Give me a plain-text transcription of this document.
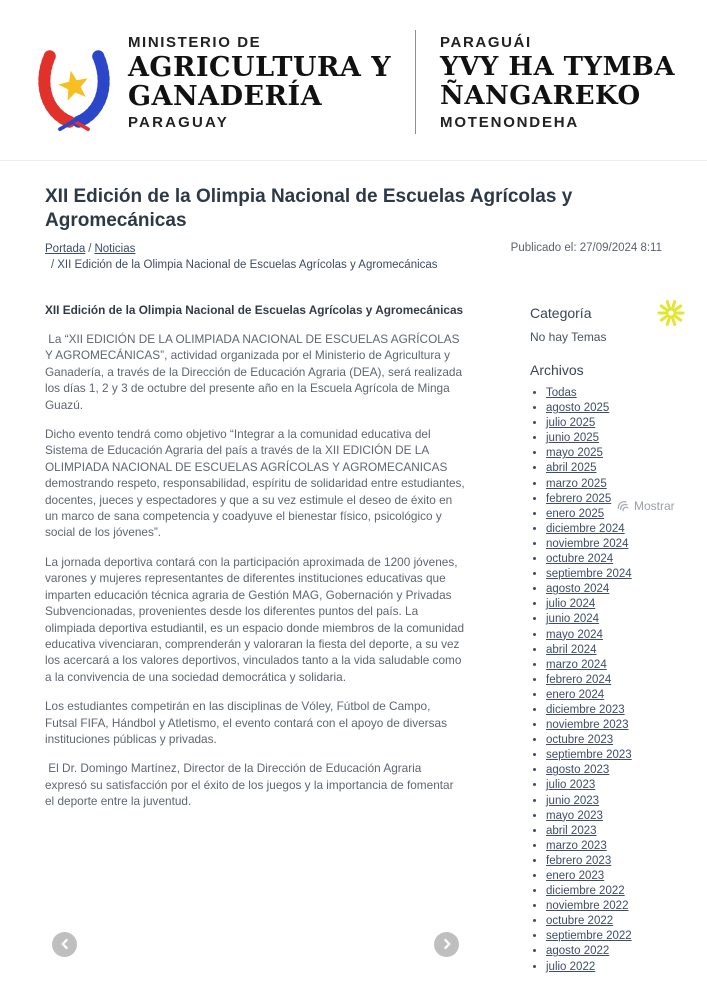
MINISTERIO DE
AGRICULTURA Y
GANADERÍA
PARAGUAY
PARAGUÁI
YVY HA TYMBA
ÑANGAREKO
MOTENONDEHA
XII Edición de la Olimpia Nacional de Escuelas Agrícolas y Agromecánicas
Portada / Noticias
/ XII Edición de la Olimpia Nacional de Escuelas Agrícolas y Agromecánicas
Publicado el: 27/09/2024 8:11
XII Edición de la Olimpia Nacional de Escuelas Agrícolas y Agromecánicas

La “XII EDICIÓN DE LA OLIMPIADA NACIONAL DE ESCUELAS AGRÍCOLAS Y AGROMECÁNICAS”, actividad organizada por el Ministerio de Agricultura y Ganadería, a través de la Dirección de Educación Agraria (DEA), será realizada los días 1, 2 y 3 de octubre del presente año en la Escuela Agrícola de Minga Guazú.

Dicho evento tendrá como objetivo “Integrar a la comunidad educativa del Sistema de Educación Agraria del país a través de la XII EDICIÓN DE LA OLIMPIADA NACIONAL DE ESCUELAS AGRÍCOLAS Y AGROMECANICAS demostrando respeto, responsabilidad, espíritu de solidaridad entre estudiantes, docentes, jueces y espectadores y que a su vez estimule el deseo de éxito en un marco de sana competencia y coadyuve el bienestar físico, psicológico y social de los jóvenes”.

La jornada deportiva contará con la participación aproximada de 1200 jóvenes, varones y mujeres representantes de diferentes instituciones educativas que imparten educación técnica agraria de Gestión MAG, Gobernación y Privadas Subvencionadas, provenientes desde los diferentes puntos del país. La olimpiada deportiva estudiantil, es un espacio donde miembros de la comunidad educativa vivenciaran, comprenderán y valoraran la fiesta del deporte, a su vez los acercará a los valores deportivos, vinculados tanto a la vida saludable como a la convivencia de una sociedad democrática y solidaria.

Los estudiantes competirán en las disciplinas de Vóley, Fútbol de Campo, Futsal FIFA, Hándbol y Atletismo, el evento contará con el apoyo de diversas instituciones públicas y privadas.

El Dr. Domingo Martínez, Director de la Dirección de Educación Agraria expresó su satisfacción por el éxito de los juegos y la importancia de fomentar el deporte entre la juventud.

Categoría
No hay Temas
Archivos
• Todas
• agosto 2025
• julio 2025
• junio 2025
• mayo 2025
• abril 2025
• marzo 2025
• febrero 2025
• enero 2025
• diciembre 2024
• noviembre 2024
• octubre 2024
• septiembre 2024
• agosto 2024
• julio 2024
• junio 2024
• mayo 2024
• abril 2024
• marzo 2024
• febrero 2024
• enero 2024
• diciembre 2023
• noviembre 2023
• octubre 2023
• septiembre 2023
• agosto 2023
• julio 2023
• junio 2023
• mayo 2023
• abril 2023
• marzo 2023
• febrero 2023
• enero 2023
• diciembre 2022
• noviembre 2022
• octubre 2022
• septiembre 2022
• agosto 2022
• julio 2022
Mostrar
